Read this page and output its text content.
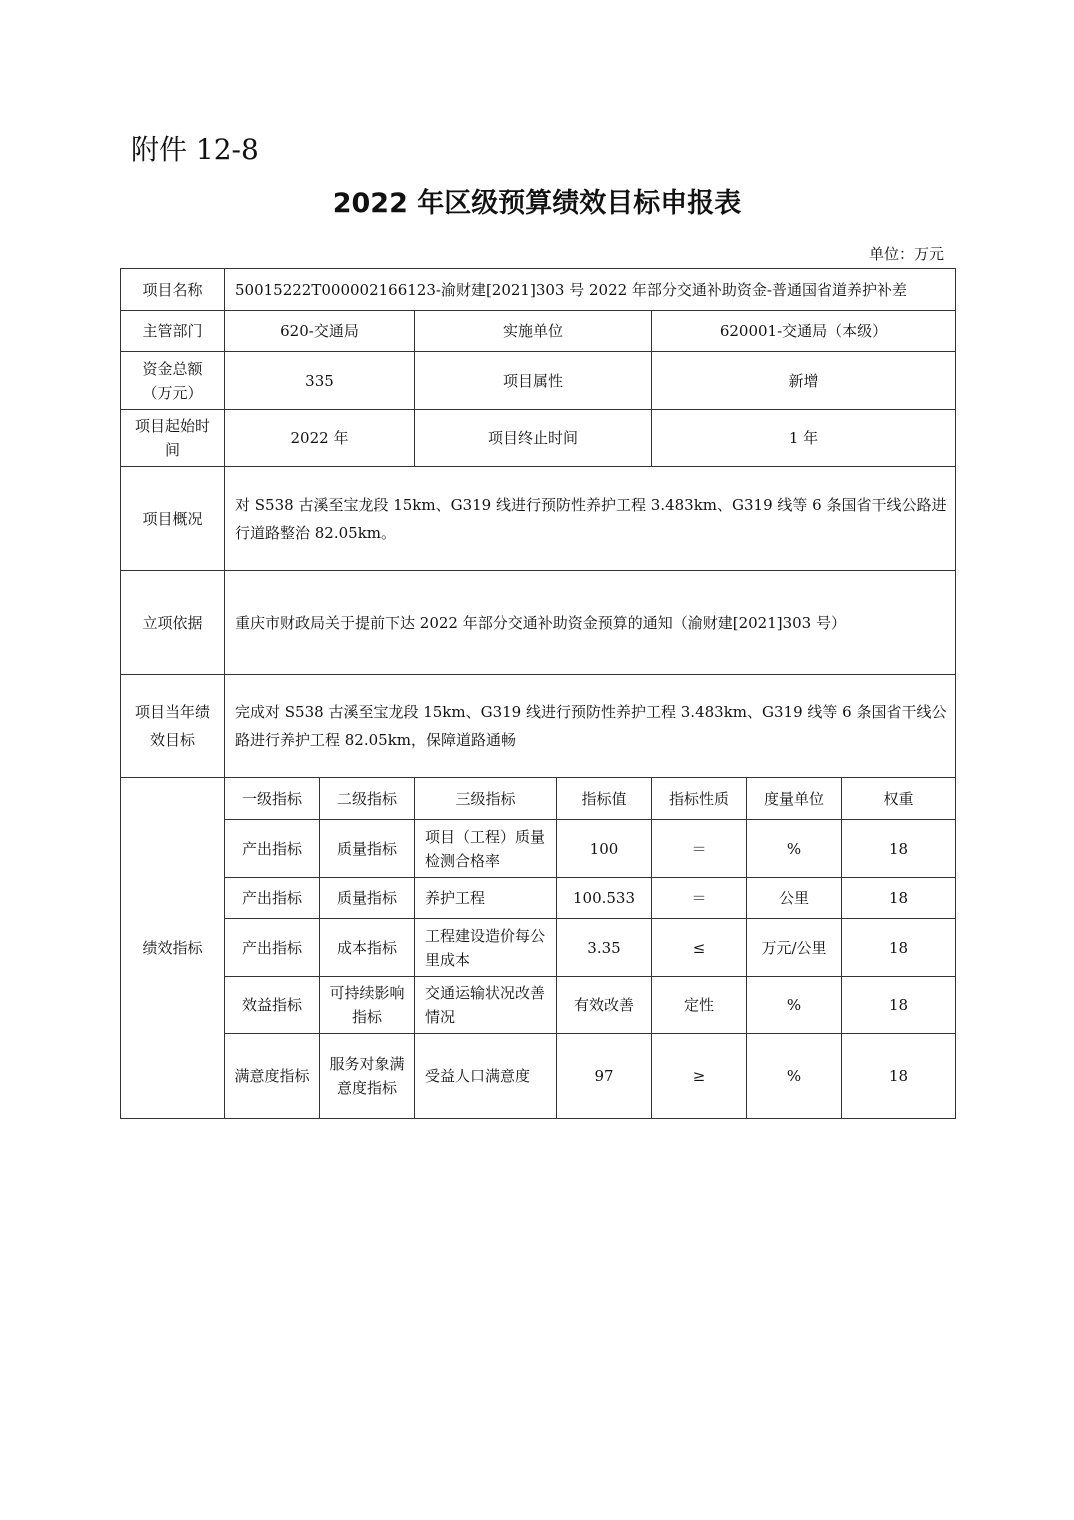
附件 12-8
2022 年区级预算绩效目标申报表
单位：万元
项目名称	50015222T000002166123-渝财建[2021]303 号 2022 年部分交通补助资金-普通国省道养护补差						
主管部门	620-交通局		实施单位		620001-交通局（本级）		
资金总额（万元）	335		项目属性		新增		
项目起始时间	2022 年		项目终止时间		1 年		
项目概况	对 S538 古溪至宝龙段 15km、G319 线进行预防性养护工程 3.483km、G319 线等 6 条国省干线公路进行道路整治 82.05km。						
立项依据	重庆市财政局关于提前下达 2022 年部分交通补助资金预算的通知（渝财建[2021]303 号）						
项目当年绩效目标	完成对 S538 古溪至宝龙段 15km、G319 线进行预防性养护工程 3.483km、G319 线等 6 条国省干线公路进行养护工程 82.05km，保障道路通畅						
绩效指标	一级指标	二级指标	三级指标	指标值	指标性质	度量单位	权重
	产出指标	质量指标	项目（工程）质量检测合格率	100	＝	%	18
	产出指标	质量指标	养护工程	100.533	＝	公里	18
	产出指标	成本指标	工程建设造价每公里成本	3.35	≤	万元/公里	18
	效益指标	可持续影响指标	交通运输状况改善情况	有效改善	定性	%	18
	满意度指标	服务对象满意度指标	受益人口满意度	97	≥	%	18
